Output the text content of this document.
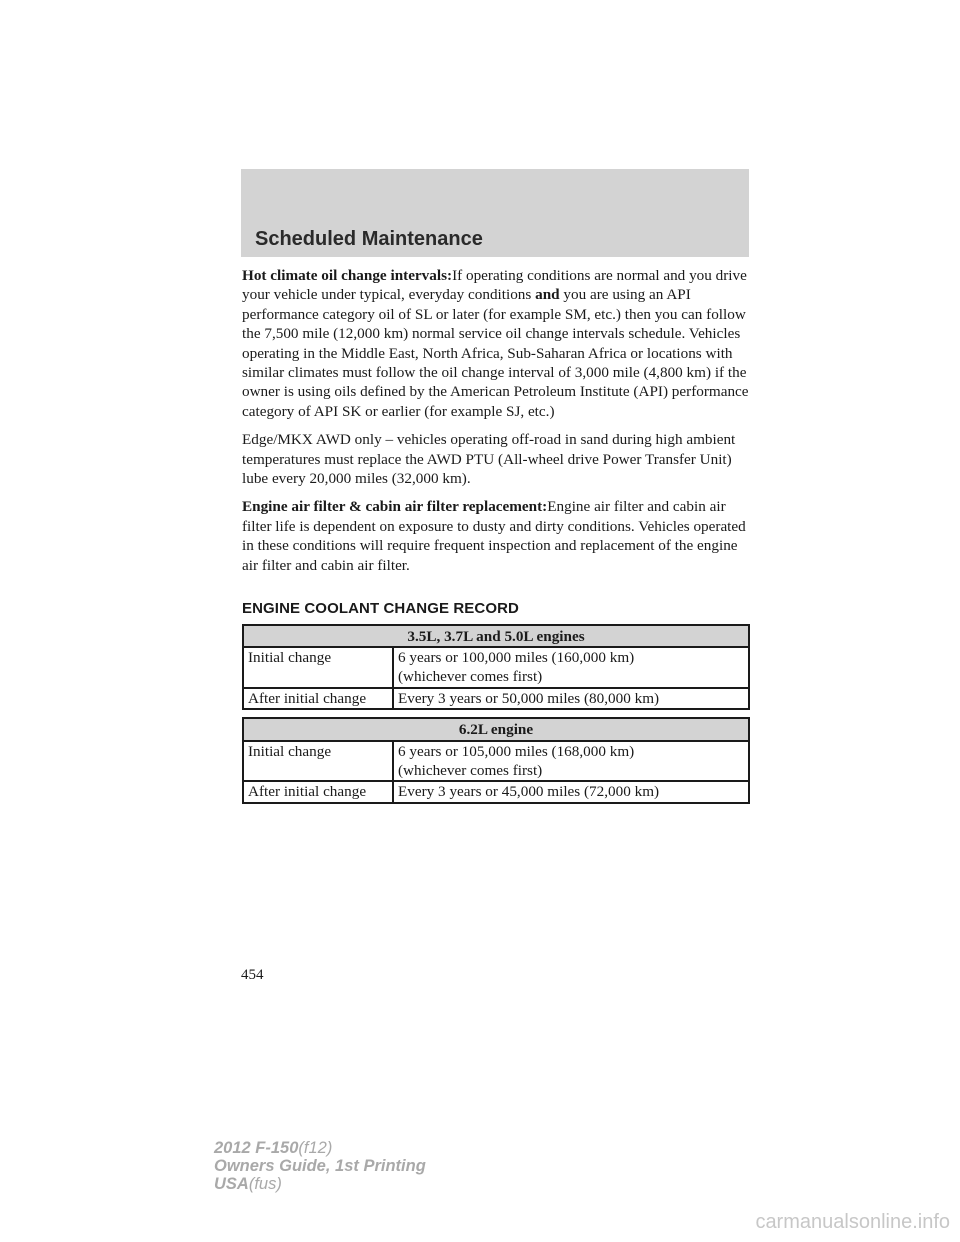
Scheduled Maintenance

Hot climate oil change intervals:If operating conditions are normal and you drive your vehicle under typical, everyday conditions and you are using an API performance category oil of SL or later (for example SM, etc.) then you can follow the 7,500 mile (12,000 km) normal service oil change intervals schedule. Vehicles operating in the Middle East, North Africa, Sub-Saharan Africa or locations with similar climates must follow the oil change interval of 3,000 mile (4,800 km) if the owner is using oils defined by the American Petroleum Institute (API) performance category of API SK or earlier (for example SJ, etc.)

Edge/MKX AWD only – vehicles operating off-road in sand during high ambient temperatures must replace the AWD PTU (All-wheel drive Power Transfer Unit) lube every 20,000 miles (32,000 km).

Engine air filter & cabin air filter replacement:Engine air filter and cabin air filter life is dependent on exposure to dusty and dirty conditions. Vehicles operated in these conditions will require frequent inspection and replacement of the engine air filter and cabin air filter.

ENGINE COOLANT CHANGE RECORD
3.5L, 3.7L and 5.0L engines	
Initial change	6 years or 100,000 miles (160,000 km)
(whichever comes first)

After initial change	Every 3 years or 50,000 miles (80,000 km)
6.2L engine	
Initial change	6 years or 105,000 miles (168,000 km)
(whichever comes first)

After initial change	Every 3 years or 45,000 miles (72,000 km)
454
2012 F-150(f12)
Owners Guide, 1st Printing
USA(fus)
carmanualsonline.info
